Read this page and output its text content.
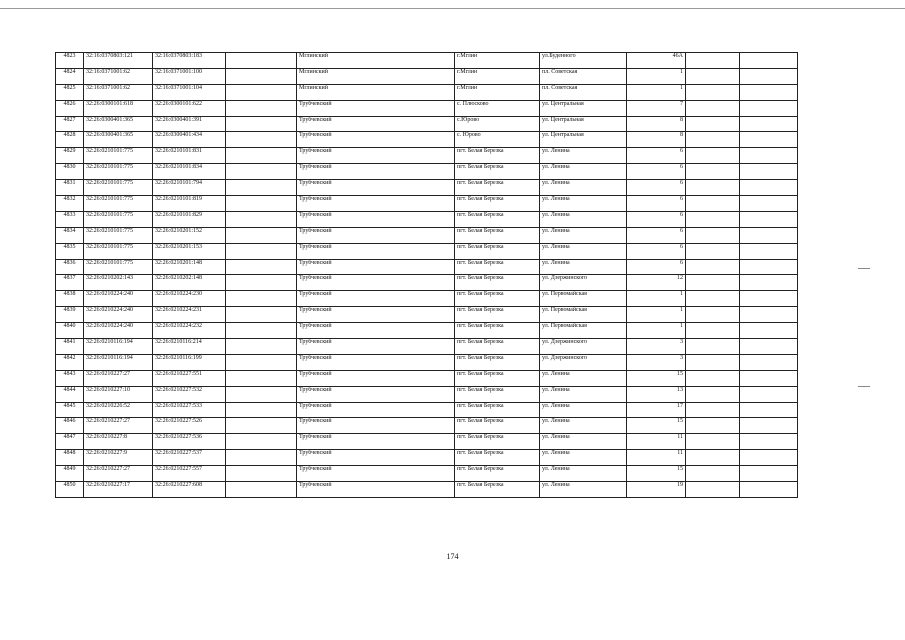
4823	32:16:0370803:121	32:16:0370803:183		Мглинский	г.Мглин	ул.Буденного	46А		
4824	32:16:0371001:62	32:16:0371001:100		Мглинский	г.Мглин	пл. Советская	1		
4825	32:16:0371001:62	32:16:0371001:104		Мглинский	г.Мглин	пл. Советская	1		
4826	32:26:0300101:618	32:26:0300101:622		Трубчевский	с. Плюсково	ул. Центральная	7		
4827	32:26:0300401:365	32:26:0300401:391		Трубчевский	с.Юрово	ул. Центральная	8		
4828	32:26:0300401:365	32:26:0300401:434		Трубчевский	с. Юрово	ул. Центральная	8		
4829	32:26:0210101:775	32:26:0210101:831		Трубчевский	пгт. Белая Березка	ул. Ленина	6		
4830	32:26:0210101:775	32:26:0210101:834		Трубчевский	пгт. Белая Березка	ул. Ленина	6		
4831	32:26:0210101:775	32:26:0210101:794		Трубчевский	пгт. Белая Березка	ул. Ленина	6		
4832	32:26:0210101:775	32:26:0210101:819		Трубчевский	пгт. Белая Березка	ул. Ленина	6		
4833	32:26:0210101:775	32:26:0210101:829		Трубчевский	пгт. Белая Березка	ул. Ленина	6		
4834	32:26:0210101:775	32:26:0210201:152		Трубчевский	пгт. Белая Березка	ул. Ленина	6		
4835	32:26:0210101:775	32:26:0210201:153		Трубчевский	пгт. Белая Березка	ул. Ленина	6		
4836	32:26:0210101:775	32:26:0210201:148		Трубчевский	пгт. Белая Березка	ул. Ленина	6		
4837	32:26:0210202:143	32:26:0210202:148		Трубчевский	пгт. Белая Березка	ул. Дзержинского	12		
4838	32:26:0210224:240	32:26:0210224:230		Трубчевский	пгт. Белая Березка	ул. Первомайская	1		
4839	32:26:0210224:240	32:26:0210224:231		Трубчевский	пгт. Белая Березка	ул. Первомайская	1		
4840	32:26:0210224:240	32:26:0210224:232		Трубчевский	пгт. Белая Березка	ул. Первомайская	1		
4841	32:26:0210116:194	32:26:0210116:214		Трубчевский	пгт. Белая Березка	ул. Дзержинского	3		
4842	32:26:0210116:194	32:26:0210116:199		Трубчевский	пгт. Белая Березка	ул. Дзержинского	3		
4843	32:26:0210227:27	32:26:0210227:551		Трубчевский	пгт. Белая Березка	ул. Ленина	15		
4844	32:26:0210227:10	32:26:0210227:532		Трубчевский	пгт. Белая Березка	ул. Ленина	13		
4845	32:26:0210226:52	32:26:0210227:533		Трубчевский	пгт. Белая Березка	ул. Ленина	17		
4846	32:26:0210227:27	32:26:0210227:526		Трубчевский	пгт. Белая Березка	ул. Ленина	15		
4847	32:26:0210227:8	32:26:0210227:536		Трубчевский	пгт. Белая Березка	ул. Ленина	11		
4848	32:26:0210227:9	32:26:0210227:537		Трубчевский	пгт. Белая Березка	ул. Ленина	11		
4849	32:26:0210227:27	32:26:0210227:557		Трубчевский	пгт. Белая Березка	ул. Ленина	15		
4850	32:26:0210227:17	32:26:0210227:608		Трубчевский	пгт. Белая Березка	ул. Ленина	19		
174
